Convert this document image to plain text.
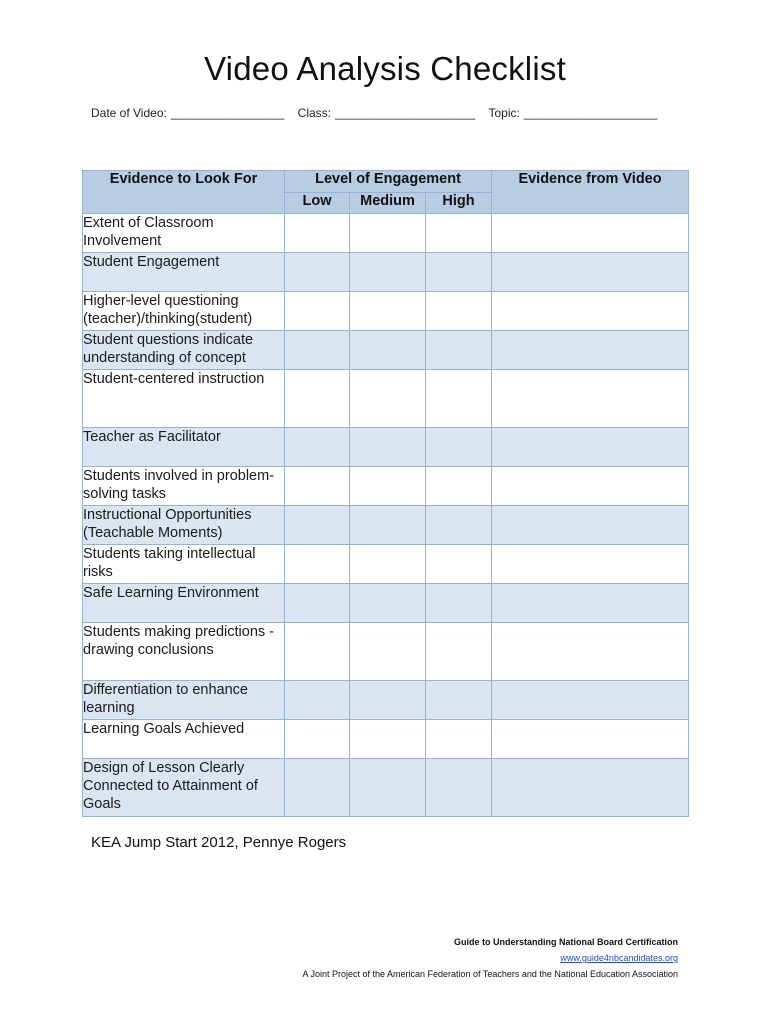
Video Analysis Checklist
Date of Video: _________________ Class: _____________________ Topic: ____________________
Evidence to Look For	Level of Engagement			Evidence from Video
	Low	Medium	High	
Extent of Classroom Involvement				
Student Engagement				
Higher-level questioning (teacher)/thinking(student)				
Student questions indicate understanding of concept				
Student-centered instruction				
Teacher as Facilitator				
Students involved in problem-solving tasks				
Instructional Opportunities (Teachable Moments)				
Students taking intellectual risks				
Safe Learning Environment				
Students making predictions - drawing conclusions				
Differentiation to enhance learning				
Learning Goals Achieved				
Design of Lesson Clearly Connected to Attainment of Goals				
KEA Jump Start 2012, Pennye Rogers
Guide to Understanding National Board Certification
www.guide4nbcandidates.org
A Joint Project of the American Federation of Teachers and the National Education Association
